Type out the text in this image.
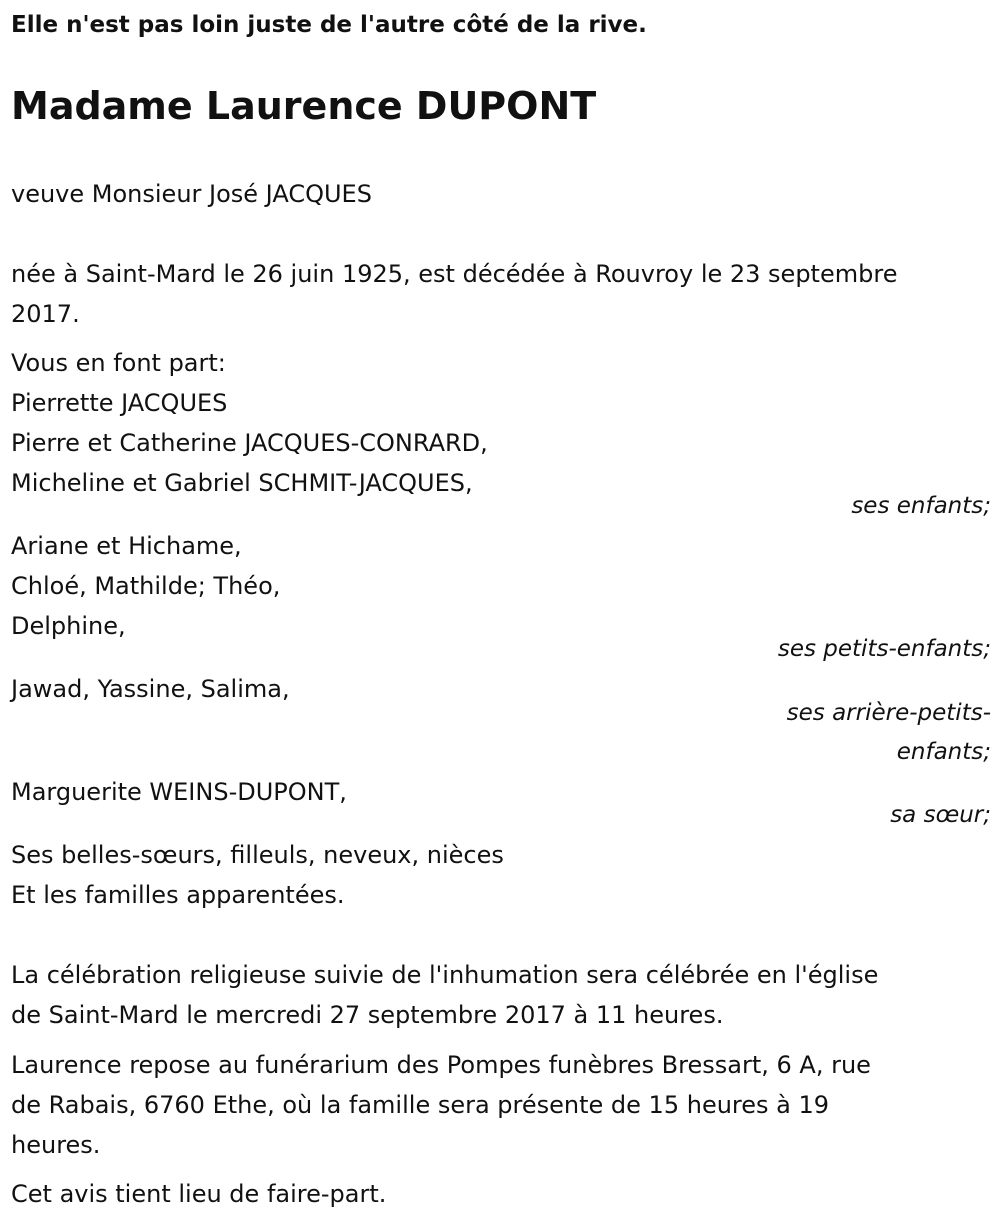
Elle n'est pas loin juste de l'autre côté de la rive.
Madame Laurence DUPONT
veuve Monsieur José JACQUES
née à Saint-Mard le 26 juin 1925, est décédée à Rouvroy le 23 septembre
2017.
Vous en font part:
Pierrette JACQUES
Pierre et Catherine JACQUES-CONRARD,
Micheline et Gabriel SCHMIT-JACQUES,
ses enfants;
Ariane et Hichame,
Chloé, Mathilde; Théo,
Delphine,
ses petits-enfants;
Jawad, Yassine, Salima,
ses arrière-petits-
enfants;
Marguerite WEINS-DUPONT,
sa sœur;
Ses belles-sœurs, filleuls, neveux, nièces
Et les familles apparentées.
La célébration religieuse suivie de l'inhumation sera célébrée en l'église
de Saint-Mard le mercredi 27 septembre 2017 à 11 heures.
Laurence repose au funérarium des Pompes funèbres Bressart, 6 A, rue
de Rabais, 6760 Ethe, où la famille sera présente de 15 heures à 19
heures.
Cet avis tient lieu de faire-part.
